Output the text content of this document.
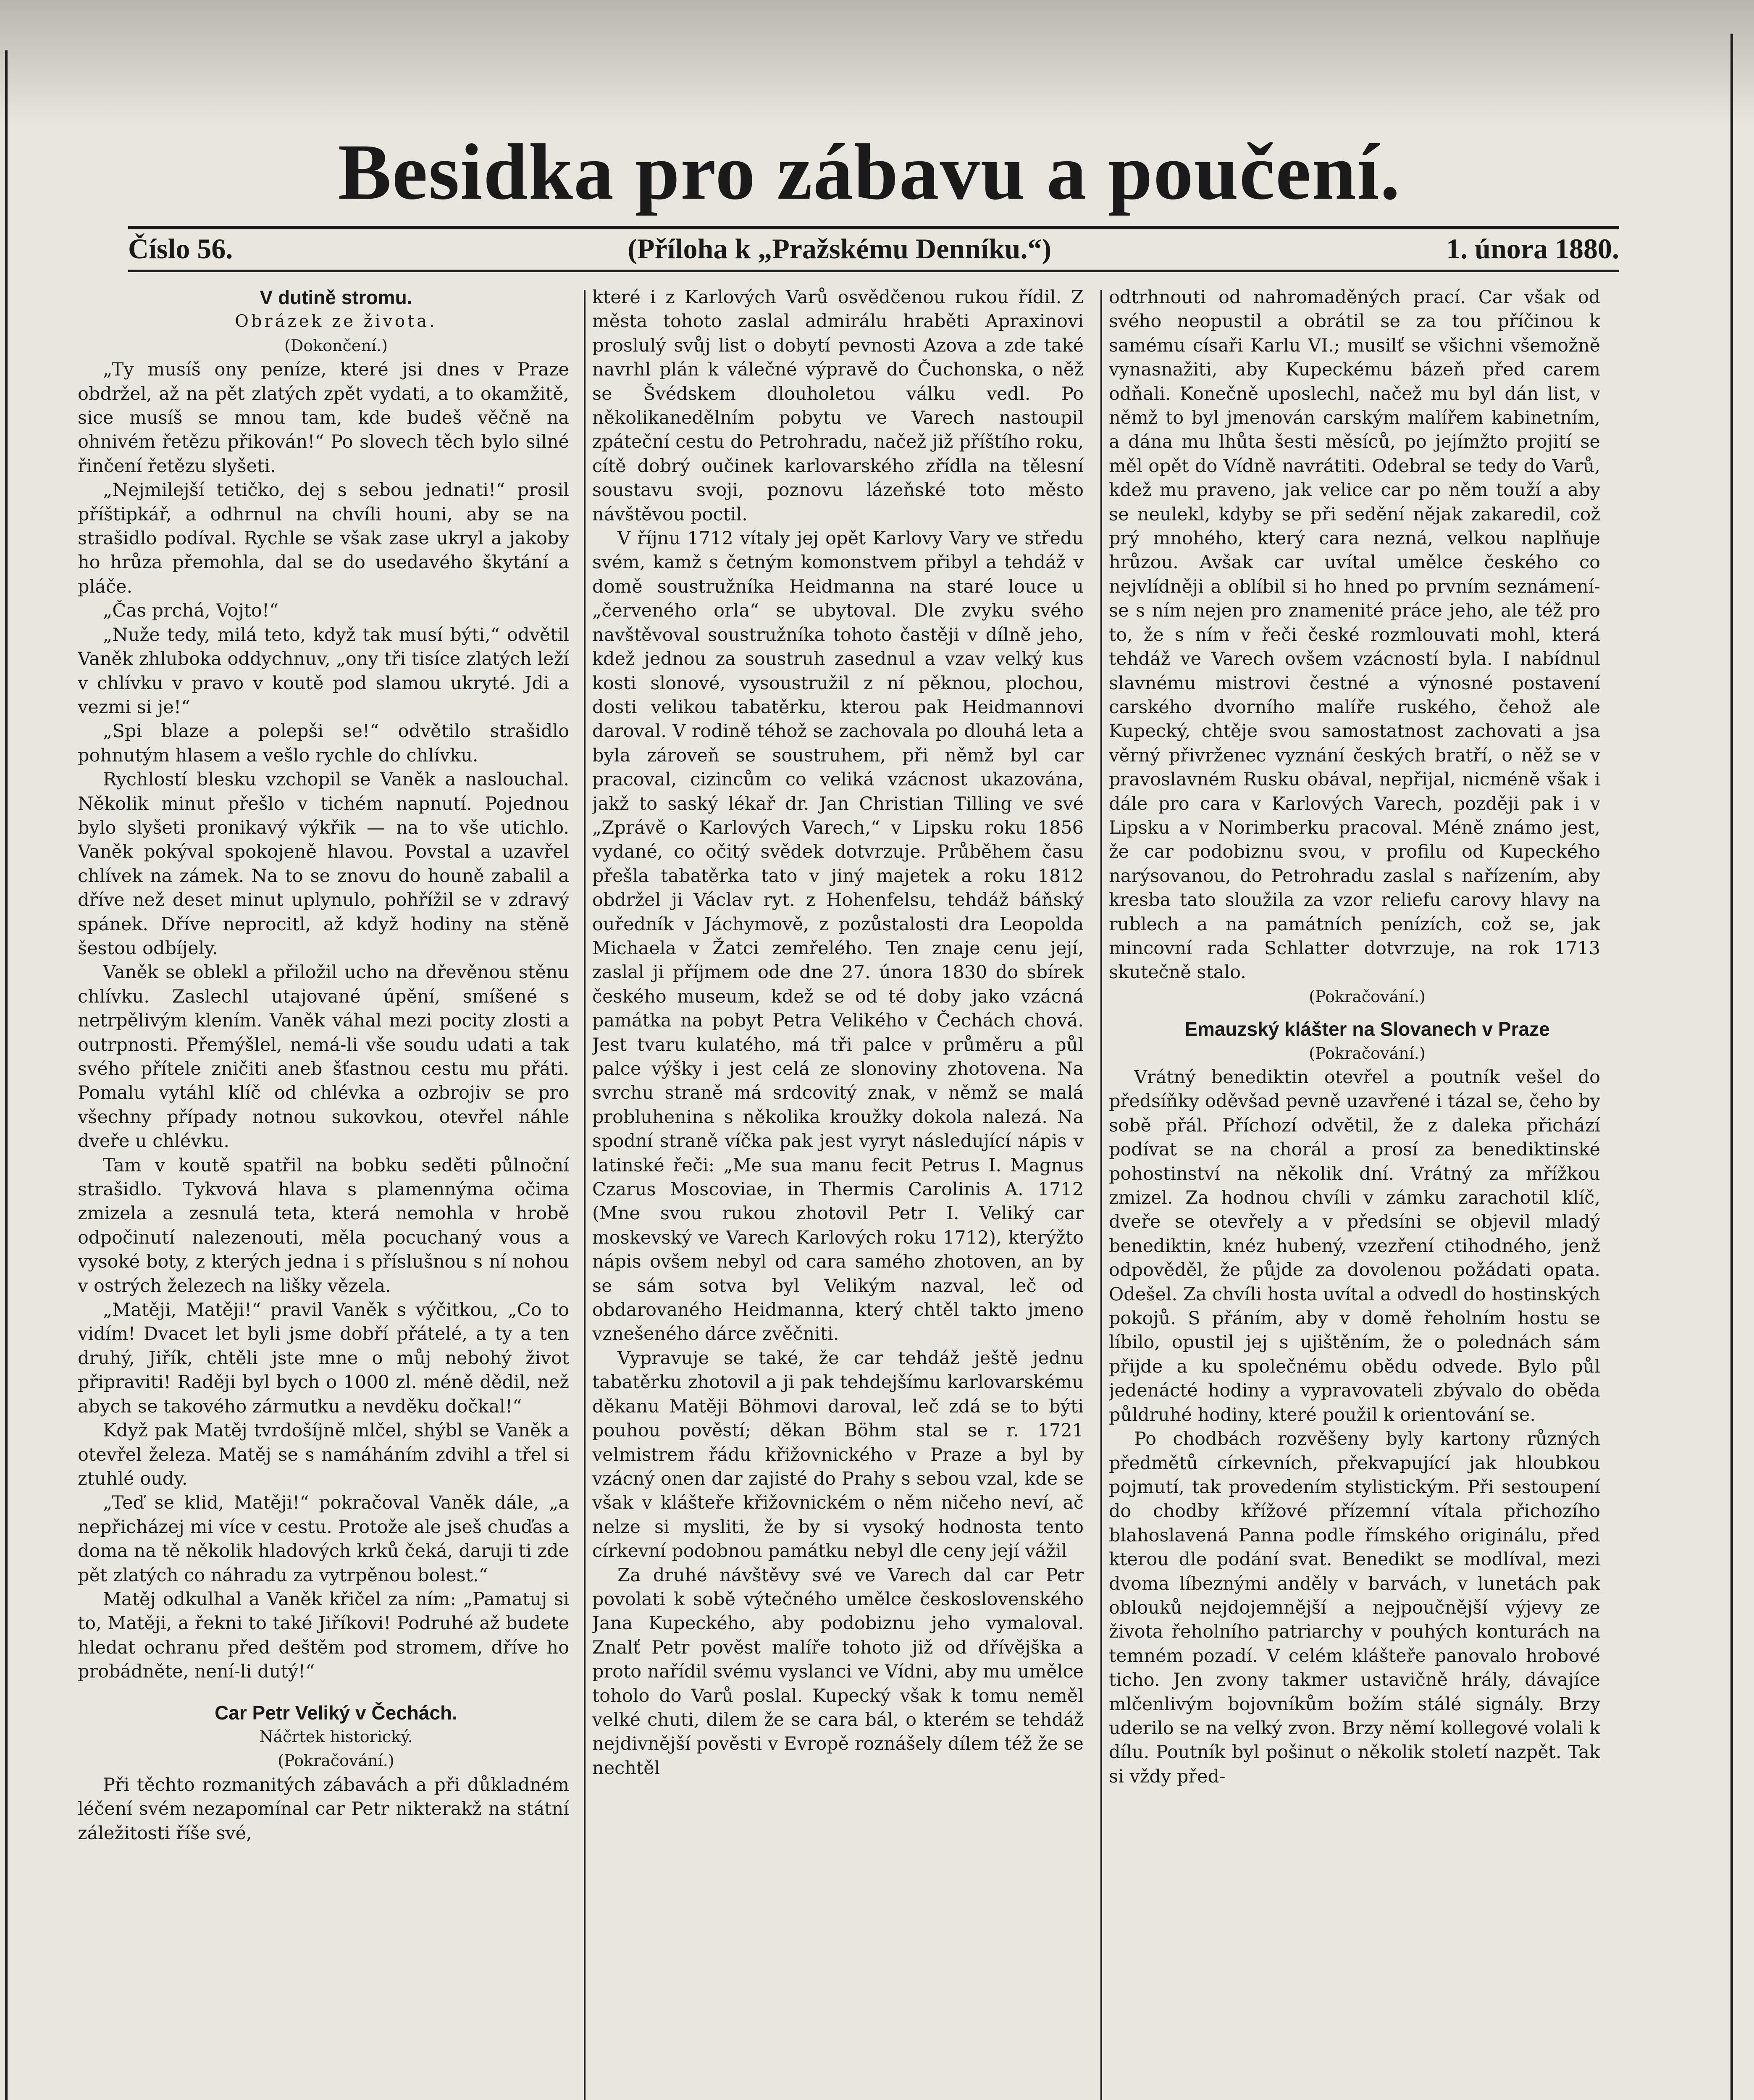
Besidka pro zábavu a poučení.
Číslo 56.	(Příloha k „Pražskému Denníku.“)	1. února 1880.

V dutině stromu.

Obrázek ze života.

(Dokončení.)

„Ty musíš ony peníze, které jsi dnes v Praze obdržel, až na pět zlatých zpět vydati, a to okamžitě, sice musíš se mnou tam, kde budeš věčně na ohnivém řetězu přikován!“ Po slovech těch bylo silné řinčení řetězu slyšeti.

„Nejmilejší tetičko, dej s sebou jednati!“ prosil příštipkář, a odhrnul na chvíli houni, aby se na strašidlo podíval. Rychle se však zase ukryl a jakoby ho hrůza přemohla, dal se do usedavého škytání a pláče.

„Čas prchá, Vojto!“

„Nuže tedy, milá teto, když tak musí býti,“ odvětil Vaněk zhluboka oddychnuv, „ony tři tisíce zlatých leží v chlívku v pravo v koutě pod slamou ukryté. Jdi a vezmi si je!“

„Spi blaze a polepši se!“ odvětilo strašidlo pohnutým hlasem a vešlo rychle do chlívku.

Rychlostí blesku vzchopil se Vaněk a naslouchal. Několik minut přešlo v tichém napnutí. Pojednou bylo slyšeti pronikavý výkřik — na to vše utichlo. Vaněk pokýval spokojeně hlavou. Povstal a uzavřel chlívek na zámek. Na to se znovu do houně zabalil a dříve než deset minut uplynulo, pohřížil se v zdravý spánek. Dříve neprocitl, až když hodiny na stěně šestou odbíjely.

Vaněk se oblekl a přiložil ucho na dřevěnou stěnu chlívku. Zaslechl utajované úpění, smíšené s netrpělivým klením. Vaněk váhal mezi pocity zlosti a outrpnosti. Přemýšlel, nemá-li vše soudu udati a tak svého přítele zničiti aneb šťastnou cestu mu přáti. Pomalu vytáhl klíč od chlévka a ozbrojiv se pro všechny případy notnou sukovkou, otevřel náhle dveře u chlévku.

Tam v koutě spatřil na bobku seděti půlnoční strašidlo. Tykvová hlava s plamennýma očima zmizela a zesnulá teta, která nemohla v hrobě odpočinutí nalezenouti, měla pocuchaný vous a vysoké boty, z kterých jedna i s příslušnou s ní nohou v ostrých železech na lišky vězela.

„Matěji, Matěji!“ pravil Vaněk s výčitkou, „Co to vidím! Dvacet let byli jsme dobří přátelé, a ty a ten druhý, Jiřík, chtěli jste mne o můj nebohý život připraviti! Raději byl bych o 1000 zl. méně dědil, než abych se takového zármutku a nevděku dočkal!“

Když pak Matěj tvrdošíjně mlčel, shýbl se Vaněk a otevřel železa. Matěj se s namáháním zdvihl a třel si ztuhlé oudy.

„Teď se klid, Matěji!“ pokračoval Vaněk dále, „a nepřicházej mi více v cestu. Protože ale jseš chuďas a doma na tě několik hladových krků čeká, daruji ti zde pět zlatých co náhradu za vytrpěnou bolest.“

Matěj odkulhal a Vaněk křičel za ním: „Pamatuj si to, Matěji, a řekni to také Jiříkovi! Podruhé až budete hledat ochranu před deštěm pod stromem, dříve ho probádněte, není-li dutý!“

Car Petr Veliký v Čechách.

Náčrtek historický.

(Pokračování.)

Při těchto rozmanitých zábavách a při důkladném léčení svém nezapomínal car Petr nikterakž na státní záležitosti říše své,

které i z Karlových Varů osvědčenou rukou řídil. Z města tohoto zaslal admirálu hraběti Apraxinovi proslulý svůj list o dobytí pevnosti Azova a zde také navrhl plán k válečné výpravě do Čuchonska, o něž se Švédskem dlouholetou válku vedl. Po několikanedělním pobytu ve Varech nastoupil zpáteční cestu do Petrohradu, načež již příštího roku, cítě dobrý oučinek karlovarského zřídla na tělesní soustavu svoji, poznovu lázeňské toto město návštěvou poctil.

V říjnu 1712 vítaly jej opět Karlovy Vary ve středu svém, kamž s četným komonstvem přibyl a tehdáž v domě soustružníka Heidmanna na staré louce u „červeného orla“ se ubytoval. Dle zvyku svého navštěvoval soustružníka tohoto častěji v dílně jeho, kdež jednou za soustruh zasednul a vzav velký kus kosti slonové, vysoustružil z ní pěknou, plochou, dosti velikou tabatěrku, kterou pak Heidmannovi daroval. V rodině téhož se zachovala po dlouhá leta a byla zároveň se soustruhem, při němž byl car pracoval, cizincům co veliká vzácnost ukazována, jakž to saský lékař dr. Jan Christian Tilling ve své „Zprávě o Karlových Varech,“ v Lipsku roku 1856 vydané, co očitý svědek dotvrzuje. Průběhem času přešla tabatěrka tato v jiný majetek a roku 1812 obdržel ji Václav ryt. z Hohenfelsu, tehdáž báňský ouředník v Jáchymově, z pozůstalosti dra Leopolda Michaela v Žatci zemřelého. Ten znaje cenu její, zaslal ji příjmem ode dne 27. února 1830 do sbírek českého museum, kdež se od té doby jako vzácná památka na pobyt Petra Velikého v Čechách chová. Jest tvaru kulatého, má tři palce v průměru a půl palce výšky i jest celá ze slonoviny zhotovena. Na svrchu straně má srdcovitý znak, v němž se malá probluhenina s několika kroužky dokola nalezá. Na spodní straně víčka pak jest vyryt následující nápis v latinské řeči: „Me sua manu fecit Petrus I. Magnus Czarus Moscoviae, in Thermis Carolinis A. 1712 (Mne svou rukou zhotovil Petr I. Veliký car moskevský ve Varech Karlových roku 1712), kterýžto nápis ovšem nebyl od cara samého zhotoven, an by se sám sotva byl Velikým nazval, leč od obdarovaného Heidmanna, který chtěl takto jmeno vznešeného dárce zvěčniti.

Vypravuje se také, že car tehdáž ještě jednu tabatěrku zhotovil a ji pak tehdejšímu karlovarskému děkanu Matěji Böhmovi daroval, leč zdá se to býti pouhou pověstí; děkan Böhm stal se r. 1721 velmistrem řádu křižovnického v Praze a byl by vzácný onen dar zajisté do Prahy s sebou vzal, kde se však v klášteře křižovnickém o něm ničeho neví, ač nelze si mysliti, že by si vysoký hodnosta tento církevní podobnou památku nebyl dle ceny její vážil

Za druhé návštěvy své ve Varech dal car Petr povolati k sobě výtečného umělce československého Jana Kupeckého, aby podobiznu jeho vymaloval. Znalť Petr pověst malíře tohoto již od dřívějška a proto nařídil svému vyslanci ve Vídni, aby mu umělce toholo do Varů poslal. Kupecký však k tomu neměl velké chuti, dilem že se cara bál, o kterém se tehdáž nejdivnější pověsti v Evropě roznášely dílem též že se nechtěl

odtrhnouti od nahromaděných prací. Car však od svého neopustil a obrátil se za tou příčinou k samému císaři Karlu VI.; musilť se všichni všemožně vynasnažiti, aby Kupeckému bázeň před carem odňali. Konečně uposlechl, načež mu byl dán list, v němž to byl jmenován carským malířem kabinetním, a dána mu lhůta šesti měsíců, po jejímžto projití se měl opět do Vídně navrátiti. Odebral se tedy do Varů, kdež mu praveno, jak velice car po něm touží a aby se neulekl, kdyby se při sedění nějak zakaredil, což prý mnohého, který cara nezná, velkou naplňuje hrůzou. Avšak car uvítal umělce českého co nejvlídněji a oblíbil si ho hned po prvním seznámení-se s ním nejen pro znamenité práce jeho, ale též pro to, že s ním v řeči české rozmlouvati mohl, která tehdáž ve Varech ovšem vzácností byla. I nabídnul slavnému mistrovi čestné a výnosné postavení carského dvorního malíře ruského, čehož ale Kupecký, chtěje svou samostatnost zachovati a jsa věrný přivrženec vyznání českých bratří, o něž se v pravoslavném Rusku obával, nepřijal, nicméně však i dále pro cara v Karlových Varech, později pak i v Lipsku a v Norimberku pracoval. Méně známo jest, že car podobiznu svou, v profilu od Kupeckého narýsovanou, do Petrohradu zaslal s nařízením, aby kresba tato sloužila za vzor reliefu carovy hlavy na rublech a na památních penízích, což se, jak mincovní rada Schlatter dotvrzuje, na rok 1713 skutečně stalo.

(Pokračování.)

Emauzský klášter na Slovanech v Praze

(Pokračování.)

Vrátný benediktin otevřel a poutník vešel do předsíňky oděvšad pevně uzavřené i tázal se, čeho by sobě přál. Příchozí odvětil, že z daleka přichází podívat se na chorál a prosí za benediktinské pohostinství na několik dní. Vrátný za mřížkou zmizel. Za hodnou chvíli v zámku zarachotil klíč, dveře se otevřely a v předsíni se objevil mladý benediktin, knéz hubený, vzezření ctihodného, jenž odpověděl, že půjde za dovolenou požádati opata. Odešel. Za chvíli hosta uvítal a odvedl do hostinských pokojů. S přáním, aby v domě řeholním hostu se líbilo, opustil jej s ujištěním, že o polednách sám přijde a ku společnému obědu odvede. Bylo půl jedenácté hodiny a vypravovateli zbývalo do oběda půldruhé hodiny, které použil k orientování se.

Po chodbách rozvěšeny byly kartony různých předmětů církevních, překvapující jak hloubkou pojmutí, tak provedením stylistickým. Při sestoupení do chodby křížové přízemní vítala přichozího blahoslavená Panna podle římského originálu, před kterou dle podání svat. Benedikt se modlíval, mezi dvoma líbeznými anděly v barvách, v lunetách pak oblouků nejdojemnější a nejpoučnější výjevy ze života řeholního patriarchy v pouhých konturách na temném pozadí. V celém klášteře panovalo hrobové ticho. Jen zvony takmer ustavičně hrály, dávajíce mlčenlivým bojovníkům božím stálé signály. Brzy uderilo se na velký zvon. Brzy němí kollegové volali k dílu. Poutník byl pošinut o několik století nazpět. Tak si vždy před-
